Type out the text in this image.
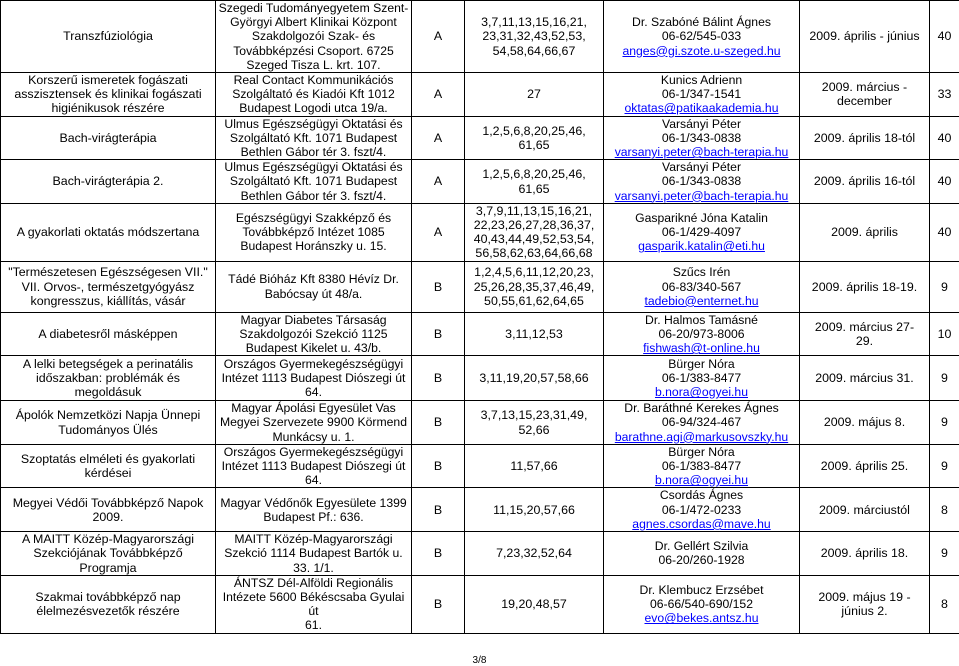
Transzfúziológia	Szegedi Tudományegyetem Szent-
Györgyi Albert Klinikai Központ
Szakdolgozói Szak- és
Továbbképzési Csoport. 6725
Szeged Tisza L. krt. 107.	A	3,7,11,13,15,16,21,
23,31,32,43,52,53,
54,58,64,66,67	Dr. Szabóné Bálint Ágnes
06-62/545-033
anges@gi.szote.u-szeged.hu	2009. április - június	40

Korszerű ismeretek fogászati
asszisztensek és klinikai fogászati
higiénikusok részére	Real Contact Kommunikációs
Szolgáltató és Kiadói Kft 1012
Budapest Logodi utca 19/a.	A	27	Kunics Adrienn
06-1/347-1541
oktatas@patikaakademia.hu	2009. március -
december	33

Bach-virágterápia	Ulmus Egészségügyi Oktatási és
Szolgáltató Kft. 1071 Budapest
Bethlen Gábor tér 3. fszt/4.	A	1,2,5,6,8,20,25,46,
61,65	Varsányi Péter
06-1/343-0838
varsanyi.peter@bach-terapia.hu	2009. április 18-tól	40

Bach-virágterápia 2.	Ulmus Egészségügyi Oktatási és
Szolgáltató Kft. 1071 Budapest
Bethlen Gábor tér 3. fszt/4.	A	1,2,5,6,8,20,25,46,
61,65	Varsányi Péter
06-1/343-0838
varsanyi.peter@bach-terapia.hu	2009. április 16-tól	40

A gyakorlati oktatás módszertana	Egészségügyi Szakképző és
Továbbképző Intézet 1085
Budapest Horánszky u. 15.	A	3,7,9,11,13,15,16,21,
22,23,26,27,28,36,37,
40,43,44,49,52,53,54,
56,58,62,63,64,66,68	Gasparikné Jóna Katalin
06-1/429-4097
gasparik.katalin@eti.hu	2009. április	40

"Természetesen Egészségesen VII."
VII. Orvos-, természetgyógyász
kongresszus, kiállítás, vásár	Tádé Bióház Kft 8380 Hévíz Dr.
Babócsay út 48/a.	B	1,2,4,5,6,11,12,20,23,
25,26,28,35,37,46,49,
50,55,61,62,64,65	Szűcs Irén
06-83/340-567
tadebio@enternet.hu	2009. április 18-19.	9

A diabetesről másképpen	Magyar Diabetes Társaság
Szakdolgozói Szekció 1125
Budapest Kikelet u. 43/b.	B	3,11,12,53	Dr. Halmos Tamásné
06-20/973-8006
fishwash@t-online.hu	2009. március 27-
29.	10

A lelki betegségek a perinatális
időszakban: problémák és
megoldásuk	Országos Gyermekegészségügyi
Intézet 1113 Budapest Diószegi út
64.	B	3,11,19,20,57,58,66	Bürger Nóra
06-1/383-8477
b.nora@ogyei.hu	2009. március 31.	9

Ápolók Nemzetközi Napja Ünnepi
Tudományos Ülés	Magyar Ápolási Egyesület Vas
Megyei Szervezete 9900 Körmend
Munkácsy u. 1.	B	3,7,13,15,23,31,49,
52,66	Dr. Baráthné Kerekes Ágnes
06-94/324-467
barathne.agi@markusovszky.hu	2009. május 8.	9

Szoptatás elméleti és gyakorlati
kérdései	Országos Gyermekegészségügyi
Intézet 1113 Budapest Diószegi út
64.	B	11,57,66	Bürger Nóra
06-1/383-8477
b.nora@ogyei.hu	2009. április 25.	9

Megyei Védői Továbbképző Napok
2009.	Magyar Védőnők Egyesülete 1399
Budapest Pf.: 636.	B	11,15,20,57,66	Csordás Ágnes
06-1/472-0233
agnes.csordas@mave.hu	2009. márciustól	8

A MAITT Közép-Magyarországi
Szekciójának Továbbképző
Programja	MAITT Közép-Magyarországi
Szekció 1114 Budapest Bartók u.
33. 1/1.	B	7,23,32,52,64	Dr. Gellért Szilvia
06-20/260-1928	2009. április 18.	9

Szakmai továbbképző nap
élelmezésvezetők részére	ÁNTSZ Dél-Alföldi Regionális
Intézete 5600 Békéscsaba Gyulai út
61.	B	19,20,48,57	Dr. Klembucz Erzsébet
06-66/540-690/152
evo@bekes.antsz.hu	2009. május 19 -
június 2.	8
3/8
